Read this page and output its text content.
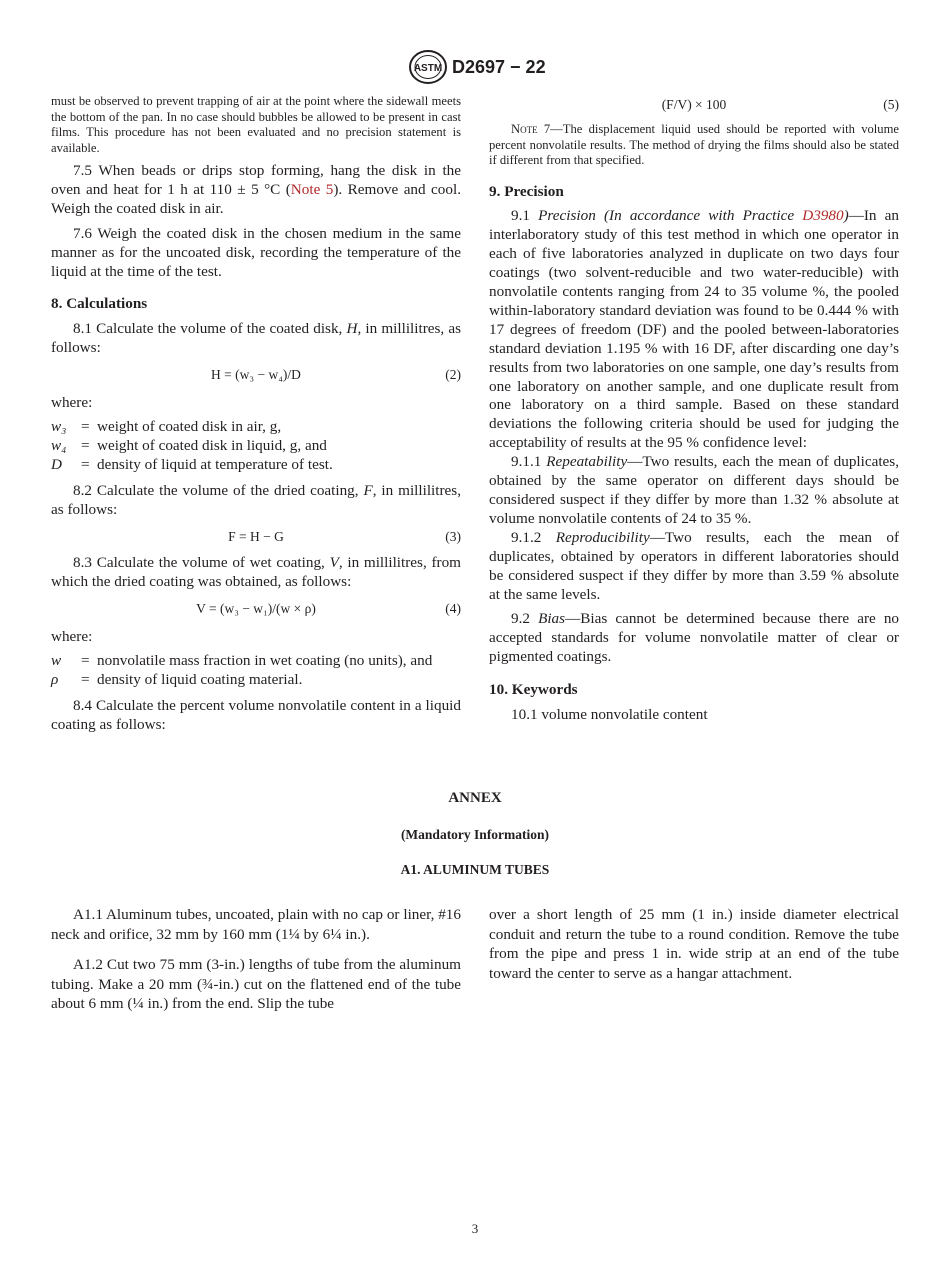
ASTM D2697 − 22

must be observed to prevent trapping of air at the point where the sidewall meets the bottom of the pan. In no case should bubbles be allowed to be present in cast films. This procedure has not been evaluated and no precision statement is available.

7.5 When beads or drips stop forming, hang the disk in the oven and heat for 1 h at 110 ± 5 °C (Note 5). Remove and cool. Weigh the coated disk in air.

7.6 Weigh the coated disk in the chosen medium in the same manner as for the uncoated disk, recording the temperature of the liquid at the time of the test.

8. Calculations

8.1 Calculate the volume of the coated disk, H, in millilitres, as follows:

H = (w₃ − w₄)/D	(2)
where:
w₃ = weight of coated disk in air, g,
w₄ = weight of coated disk in liquid, g, and
D	= density of liquid at temperature of test.

8.2 Calculate the volume of the dried coating, F, in millilitres, as follows:

F = H − G	(3)

8.3 Calculate the volume of wet coating, V, in millilitres, from which the dried coating was obtained, as follows:

V = (w₃ − w₁)/(w × ρ)	(4)
where:
w	= nonvolatile mass fraction in wet coating (no units), and
ρ	= density of liquid coating material.

8.4 Calculate the percent volume nonvolatile content in a liquid coating as follows:

(F/V) × 100	(5)

Note 7—The displacement liquid used should be reported with volume percent nonvolatile results. The method of drying the films should also be stated if different from that specified.

9. Precision

9.1 Precision (In accordance with Practice D3980)—In an interlaboratory study of this test method in which one operator in each of five laboratories analyzed in duplicate on two days four coatings (two solvent-reducible and two water-reducible) with nonvolatile contents ranging from 24 to 35 volume %, the pooled within-laboratory standard deviation was found to be 0.444 % with 17 degrees of freedom (DF) and the pooled between-laboratories standard deviation 1.195 % with 16 DF, after discarding one day’s results from two laboratories on one sample, one day’s results from one laboratory on another sample, and one duplicate result from one laboratory on a third sample. Based on these standard deviations the following criteria should be used for judging the acceptability of results at the 95 % confidence level:

9.1.1 Repeatability—Two results, each the mean of duplicates, obtained by the same operator on different days should be considered suspect if they differ by more than 1.32 % absolute at volume nonvolatile contents of 24 to 35 %.

9.1.2 Reproducibility—Two results, each the mean of duplicates, obtained by operators in different laboratories should be considered suspect if they differ by more than 3.59 % absolute at the same levels.

9.2 Bias—Bias cannot be determined because there are no accepted standards for volume nonvolatile matter of clear or pigmented coatings.

10. Keywords

10.1 volume nonvolatile content

ANNEX
(Mandatory Information)
A1. ALUMINUM TUBES

A1.1 Aluminum tubes, uncoated, plain with no cap or liner, #16 neck and orifice, 32 mm by 160 mm (1¼ by 6¼ in.).

A1.2 Cut two 75 mm (3-in.) lengths of tube from the aluminum tubing. Make a 20 mm (¾-in.) cut on the flattened end of the tube about 6 mm (¼ in.) from the end. Slip the tube

over a short length of 25 mm (1 in.) inside diameter electrical conduit and return the tube to a round condition. Remove the tube from the pipe and press 1 in. wide strip at an end of the tube toward the center to serve as a hangar attachment.

3
